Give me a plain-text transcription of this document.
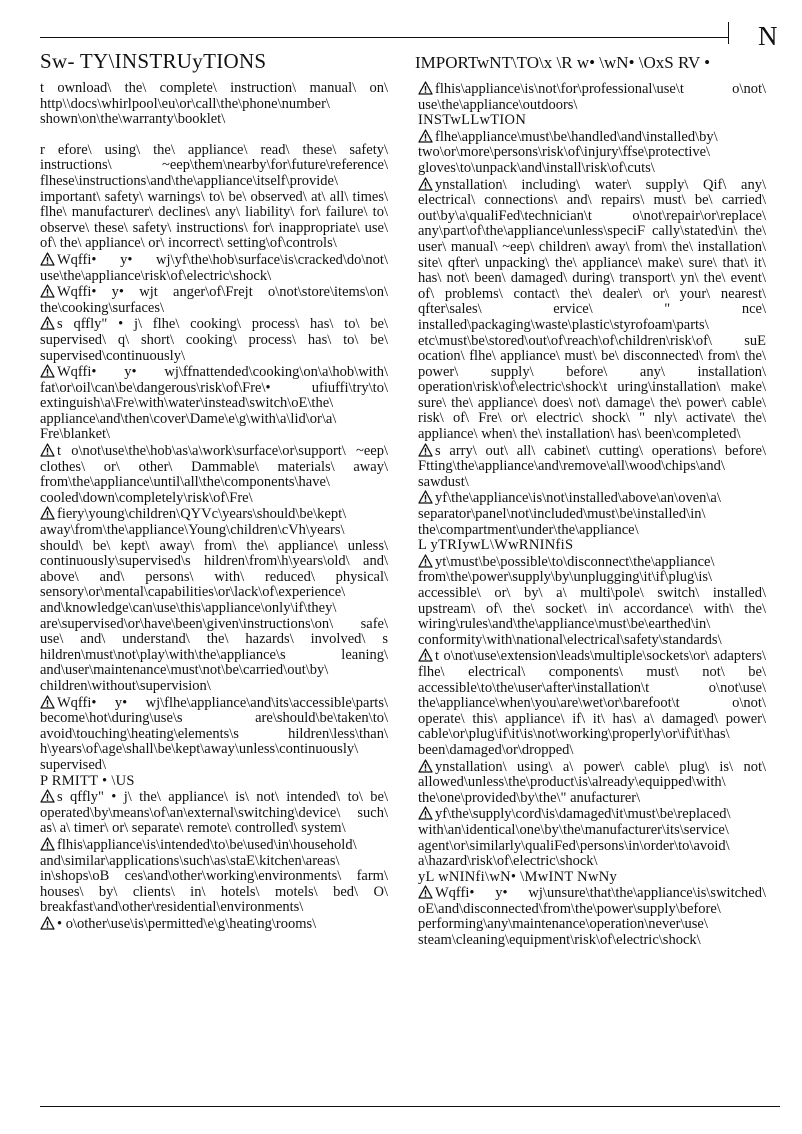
N
Sw- TY\INSTRUyTIONS	IMPORTwNT\TO\x \R w• \wN• \OxS RV •

t ownload\ the\ complete\ instruction\ manual\ on\ http\\docs\whirlpool\eu\or\call\the\phone\number\ shown\on\the\warranty\booklet\

r efore\ using\ the\ appliance\ read\ these\ safety\ instructions\ ~eep\them\nearby\for\future\reference\ flhese\instructions\and\the\appliance\itself\provide\ important\ safety\ warnings\ to\ be\ observed\ at\ all\ times\ flhe\ manufacturer\ declines\ any\ liability\ for\ failure\ to\ observe\ these\ safety\ instructions\ for\ inappropriate\ use\ of\ the\ appliance\ or\ incorrect\ setting\of\controls\

Wqffi• y• wj\yf\the\hob\surface\is\cracked\do\not\ use\the\appliance\risk\of\electric\shock\

Wqffi• y• wjt anger\of\Frejt o\not\store\items\on\ the\cooking\surfaces\

s qffly" • j\ flhe\ cooking\ process\ has\ to\ be\ supervised\ q\ short\ cooking\ process\ has\ to\ be\ supervised\continuously\

Wqffi• y• wj\ffnattended\cooking\on\a\hob\with\ fat\or\oil\can\be\dangerous\risk\of\Fre\• ufiuffi\try\to\ extinguish\a\Fre\with\water\instead\switch\oE\the\ appliance\and\then\cover\Dame\e\g\with\a\lid\or\a\ Fre\blanket\

t o\not\use\the\hob\as\a\work\surface\or\support\ ~eep\ clothes\ or\ other\ Dammable\ materials\ away\ from\the\appliance\until\all\the\components\have\ cooled\down\completely\risk\of\Fre\

fiery\young\children\QYVc\years\should\be\kept\ away\from\the\appliance\Young\children\cVh\years\ should\ be\ kept\ away\ from\ the\ appliance\ unless\ continuously\supervised\s hildren\from\h\years\old\ and\ above\ and\ persons\ with\ reduced\ physical\ sensory\or\mental\capabilities\or\lack\of\experience\ and\knowledge\can\use\this\appliance\only\if\they\ are\supervised\or\have\been\given\instructions\on\ safe\ use\ and\ understand\ the\ hazards\ involved\ s hildren\must\not\play\with\the\appliance\s leaning\ and\user\maintenance\must\not\be\carried\out\by\ children\without\supervision\

Wqffi• y• wj\flhe\appliance\and\its\accessible\parts\ become\hot\during\use\s are\should\be\taken\to\ avoid\touching\heating\elements\s hildren\less\than\ h\years\of\age\shall\be\kept\away\unless\continuously\ supervised\

P RMITT • \US

s qffly" • j\ the\ appliance\ is\ not\ intended\ to\ be\ operated\by\means\of\an\external\switching\device\ such\ as\ a\ timer\ or\ separate\ remote\ controlled\ system\

flhis\appliance\is\intended\to\be\used\in\household\ and\similar\applications\such\as\staE\kitchen\areas\ in\shops\oB ces\and\other\working\environments\ farm\ houses\ by\ clients\ in\ hotels\ motels\ bed\ O\ breakfast\and\other\residential\environments\

• o\other\use\is\permitted\e\g\heating\rooms\

flhis\appliance\is\not\for\professional\use\t o\not\ use\the\appliance\outdoors\

INSTwLLwTION

flhe\appliance\must\be\handled\and\installed\by\ two\or\more\persons\risk\of\injury\ffse\protective\ gloves\to\unpack\and\install\risk\of\cuts\

ynstallation\ including\ water\ supply\ Qif\ any\ electrical\ connections\ and\ repairs\ must\ be\ carried\ out\by\a\qualiFed\technician\t o\not\repair\or\replace\ any\part\of\the\appliance\unless\speciF cally\stated\in\ the\ user\ manual\ ~eep\ children\ away\ from\ the\ installation\ site\ qfter\ unpacking\ the\ appliance\ make\ sure\ that\ it\ has\ not\ been\ damaged\ during\ transport\ yn\ the\ event\ of\ problems\ contact\ the\ dealer\ or\ your\ nearest\ qfter\sales\ ervice\ " nce\ installed\packaging\waste\plastic\styrofoam\parts\ etc\must\be\stored\out\of\reach\of\children\risk\of\ suE ocation\ flhe\ appliance\ must\ be\ disconnected\ from\ the\ power\ supply\ before\ any\ installation\ operation\risk\of\electric\shock\t uring\installation\ make\ sure\ the\ appliance\ does\ not\ damage\ the\ power\ cable\ risk\ of\ Fre\ or\ electric\ shock\ " nly\ activate\ the\ appliance\ when\ the\ installation\ has\ been\completed\

s arry\ out\ all\ cabinet\ cutting\ operations\ before\ Ftting\the\appliance\and\remove\all\wood\chips\and\ sawdust\

yf\the\appliance\is\not\installed\above\an\oven\a\ separator\panel\not\included\must\be\installed\in\ the\compartment\under\the\appliance\

L yTRIywL\WwRNINfiS

yt\must\be\possible\to\disconnect\the\appliance\ from\the\power\supply\by\unplugging\it\if\plug\is\ accessible\ or\ by\ a\ multi\pole\ switch\ installed\ upstream\ of\ the\ socket\ in\ accordance\ with\ the\ wiring\rules\and\the\appliance\must\be\earthed\in\ conformity\with\national\electrical\safety\standards\

t o\not\use\extension\leads\multiple\sockets\or\ adapters\ flhe\ electrical\ components\ must\ not\ be\ accessible\to\the\user\after\installation\t o\not\use\ the\appliance\when\you\are\wet\or\barefoot\t o\not\ operate\ this\ appliance\ if\ it\ has\ a\ damaged\ power\ cable\or\plug\if\it\is\not\working\properly\or\if\it\has\ been\damaged\or\dropped\

ynstallation\ using\ a\ power\ cable\ plug\ is\ not\ allowed\unless\the\product\is\already\equipped\with\ the\one\provided\by\the\" anufacturer\

yf\the\supply\cord\is\damaged\it\must\be\replaced\ with\an\identical\one\by\the\manufacturer\its\service\ agent\or\similarly\qualiFed\persons\in\order\to\avoid\ a\hazard\risk\of\electric\shock\

yL wNINfi\wN• \MwINT NwNy

Wqffi• y• wj\unsure\that\the\appliance\is\switched\ oE\and\disconnected\from\the\power\supply\before\ performing\any\maintenance\operation\never\use\ steam\cleaning\equipment\risk\of\electric\shock\
